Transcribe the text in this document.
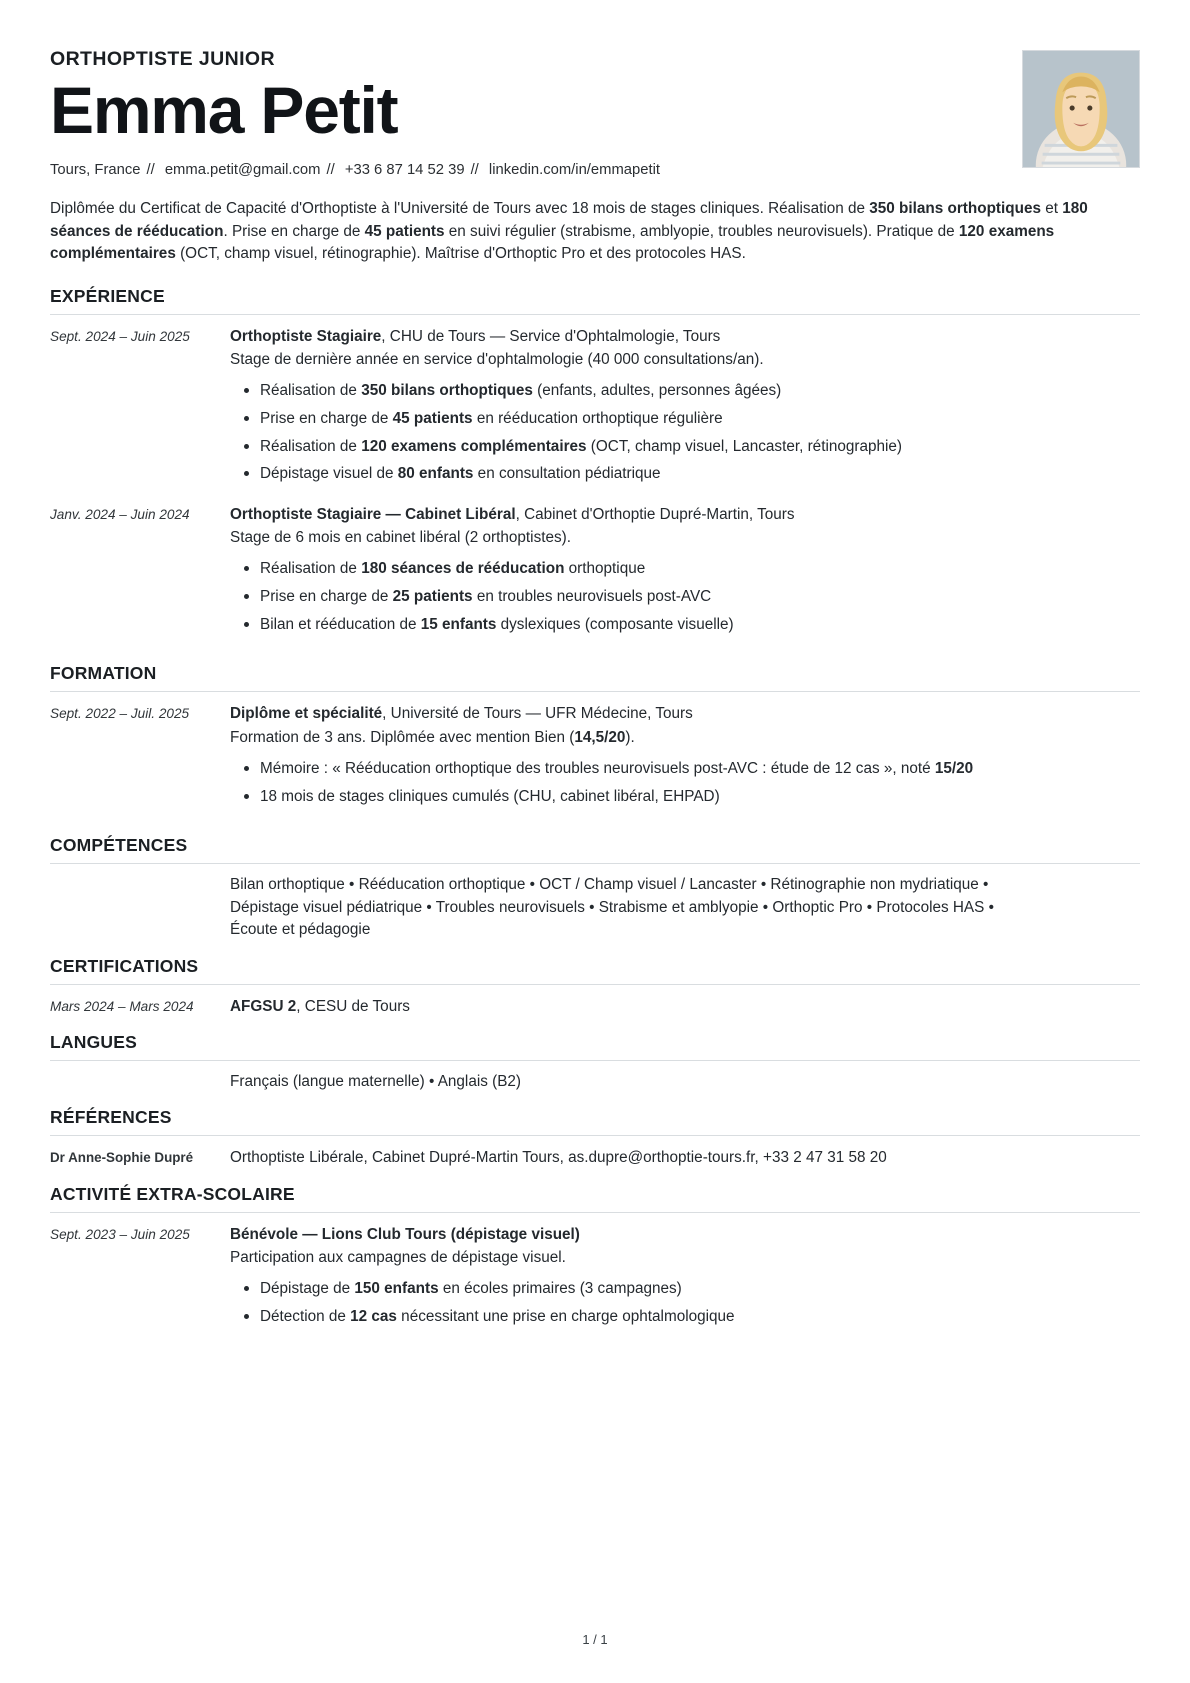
ORTHOPTISTE JUNIOR
Emma Petit
Tours, France // emma.petit@gmail.com // +33 6 87 14 52 39 // linkedin.com/in/emmapetit

Diplômée du Certificat de Capacité d'Orthoptiste à l'Université de Tours avec 18 mois de stages cliniques. Réalisation de 350 bilans orthoptiques et 180 séances de rééducation. Prise en charge de 45 patients en suivi régulier (strabisme, amblyopie, troubles neurovisuels). Pratique de 120 examens complémentaires (OCT, champ visuel, rétinographie). Maîtrise d'Orthoptic Pro et des protocoles HAS.

EXPÉRIENCE
Sept. 2024 – Juin 2025	Orthoptiste Stagiaire, CHU de Tours — Service d'Ophtalmologie, Tours

Stage de dernière année en service d'ophtalmologie (40 000 consultations/an).

Réalisation de 350 bilans orthoptiques (enfants, adultes, personnes âgées)
Prise en charge de 45 patients en rééducation orthoptique régulière
Réalisation de 120 examens complémentaires (OCT, champ visuel, Lancaster, rétinographie)
Dépistage visuel de 80 enfants en consultation pédiatrique
Janv. 2024 – Juin 2024	Orthoptiste Stagiaire — Cabinet Libéral, Cabinet d'Orthoptie Dupré-Martin, Tours

Stage de 6 mois en cabinet libéral (2 orthoptistes).

Réalisation de 180 séances de rééducation orthoptique
Prise en charge de 25 patients en troubles neurovisuels post-AVC
Bilan et rééducation de 15 enfants dyslexiques (composante visuelle)
FORMATION
Sept. 2022 – Juil. 2025	Diplôme et spécialité, Université de Tours — UFR Médecine, Tours

Formation de 3 ans. Diplômée avec mention Bien (14,5/20).

Mémoire : « Rééducation orthoptique des troubles neurovisuels post-AVC : étude de 12 cas », noté 15/20
18 mois de stages cliniques cumulés (CHU, cabinet libéral, EHPAD)
COMPÉTENCES
Bilan orthoptique • Rééducation orthoptique • OCT / Champ visuel / Lancaster • Rétinographie non mydriatique • Dépistage visuel pédiatrique • Troubles neurovisuels • Strabisme et amblyopie • Orthoptic Pro • Protocoles HAS • Écoute et pédagogie
CERTIFICATIONS
Mars 2024 – Mars 2024	AFGSU 2, CESU de Tours

LANGUES
Français (langue maternelle) • Anglais (B2)
RÉFÉRENCES
Dr Anne-Sophie Dupré	Orthoptiste Libérale, Cabinet Dupré-Martin Tours, as.dupre@orthoptie-tours.fr, +33 2 47 31 58 20

ACTIVITÉ EXTRA-SCOLAIRE
Sept. 2023 – Juin 2025	Bénévole — Lions Club Tours (dépistage visuel)

Participation aux campagnes de dépistage visuel.

Dépistage de 150 enfants en écoles primaires (3 campagnes)
Détection de 12 cas nécessitant une prise en charge ophtalmologique
1 / 1
